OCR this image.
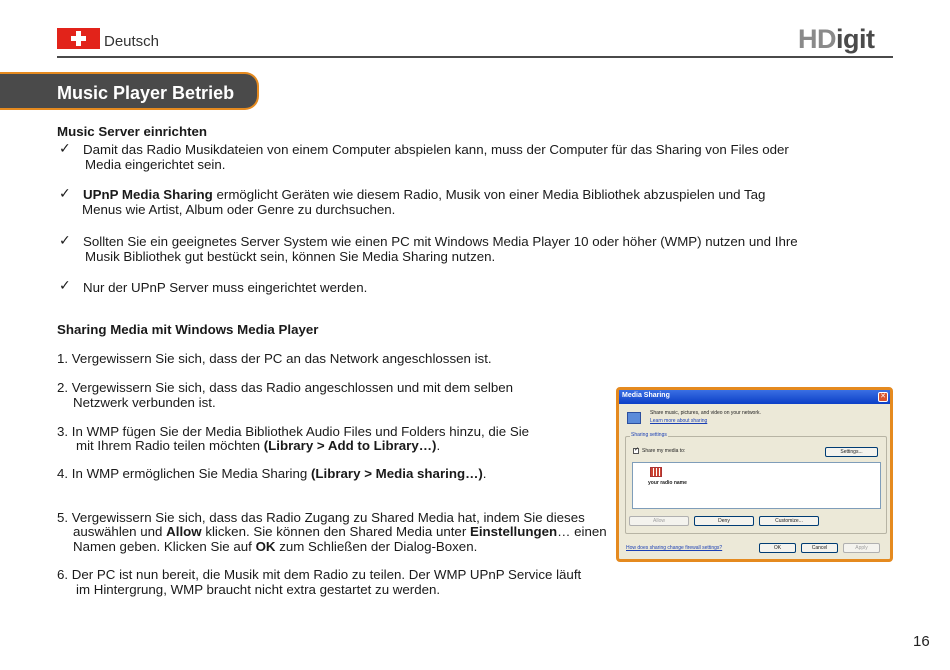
Deutsch	HDigit
Music Player Betrieb
Music Server einrichten
✓ Damit das Radio Musikdateien von einem Computer abspielen kann, muss der Computer für das Sharing von Files oder
Media eingerichtet sein.
✓ UPnP Media Sharing ermöglicht Geräten wie diesem Radio, Musik von einer Media Bibliothek abzuspielen und Tag
Menus wie Artist, Album oder Genre zu durchsuchen.
✓ Sollten Sie ein geeignetes Server System wie einen PC mit Windows Media Player 10 oder höher (WMP) nutzen und Ihre
Musik Bibliothek gut bestückt sein, können Sie Media Sharing nutzen.
✓ Nur der UPnP Server muss eingerichtet werden.
Sharing Media mit Windows Media Player
1. Vergewissern Sie sich, dass der PC an das Network angeschlossen ist.
2. Vergewissern Sie sich, dass das Radio angeschlossen und mit dem selben
Netzwerk verbunden ist.
3. In WMP fügen Sie der Media Bibliothek Audio Files und Folders hinzu, die Sie
mit Ihrem Radio teilen möchten (Library > Add to Library…).
4. In WMP ermöglichen Sie Media Sharing (Library > Media sharing…).
5. Vergewissern Sie sich, dass das Radio Zugang zu Shared Media hat, indem Sie dieses
auswählen und Allow klicken. Sie können den Shared Media unter Einstellungen… einen
Namen geben. Klicken Sie auf OK zum Schließen der Dialog-Boxen.
6. Der PC ist nun bereit, die Musik mit dem Radio zu teilen. Der WMP UPnP Service läuft
im Hintergrung, WMP braucht nicht extra gestartet zu werden.
Media Sharing	✕
Share music, pictures, and video on your network.
Learn more about sharing
Sharing settings
✓
Share my media to:	Settings...
your radio name
Allow	Deny	Customize...
How does sharing change firewall settings?	OK	Cancel	Apply
16
